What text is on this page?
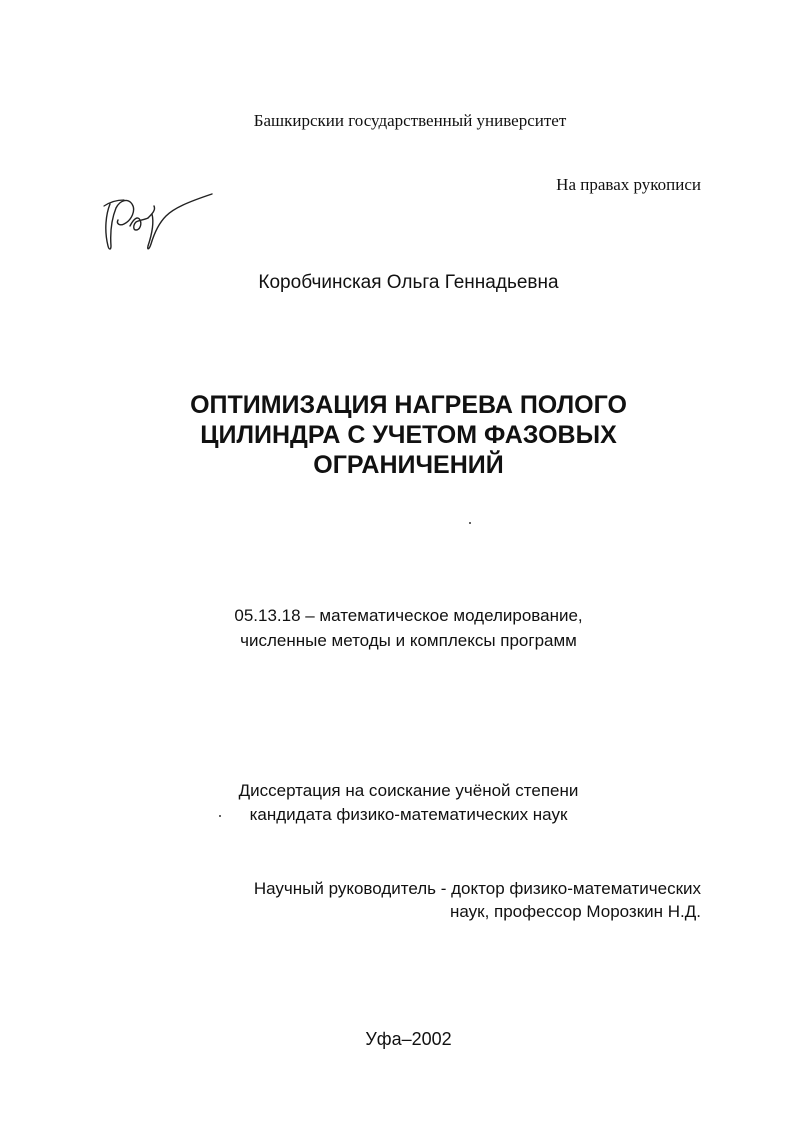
Башкирскии государственный университет
На правах рукописи
Коробчинская Ольга Геннадьевна
ОПТИМИЗАЦИЯ НАГРЕВА ПОЛОГО
ЦИЛИНДРА С УЧЕТОМ ФАЗОВЫХ
ОГРАНИЧЕНИЙ
05.13.18 – математическое моделирование,
численные методы и комплексы программ
Диссертация на соискание учёной степени
кандидата физико-математических наук
Научный руководитель - доктор физико-математических
наук, профессор Морозкин Н.Д.
Уфа–2002
